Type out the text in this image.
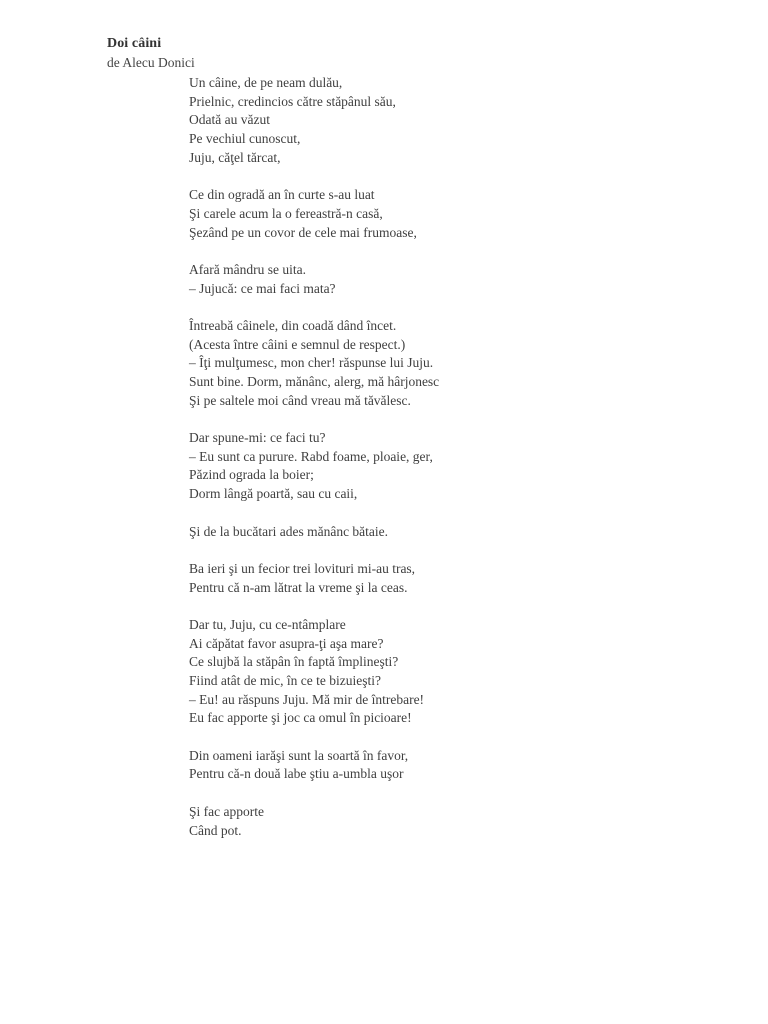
Doi câini
de Alecu Donici
Un câine, de pe neam dulău,
Prielnic, credincios către stăpânul său,
Odată au văzut
Pe vechiul cunoscut,
Juju, căţel tărcat,
Ce din ogradă an în curte s-au luat
Şi carele acum la o fereastră-n casă,
Şezând pe un covor de cele mai frumoase,
Afară mândru se uita.
– Jujucă: ce mai faci mata?
Întreabă câinele, din coadă dând încet.
(Acesta între câini e semnul de respect.)
– Îţi mulţumesc, mon cher! răspunse lui Juju.
Sunt bine. Dorm, mănânc, alerg, mă hârjonesc
Şi pe saltele moi când vreau mă tăvălesc.
Dar spune-mi: ce faci tu?
– Eu sunt ca pururе. Rabd foame, ploaie, ger,
Păzind ograda la boier;
Dorm lângă poartă, sau cu caii,
Şi de la bucătari ades mănânc bătaie.
Ba ieri şi un fecior trei lovituri mi-au tras,
Pentru că n-am lătrat la vreme şi la ceas.
Dar tu, Juju, cu ce-ntâmplare
Ai căpătat favor asupra-ţi aşa mare?
Ce slujbă la stăpân în faptă împlineşti?
Fiind atât de mic, în ce te bizuieşti?
– Eu! au răspuns Juju. Mă mir de întrebare!
Eu fac apporte şi joc ca omul în picioare!
Din oameni iarăşi sunt la soartă în favor,
Pentru că-n două labe ştiu a-umbla uşor
Şi fac apporte
Când pot.
